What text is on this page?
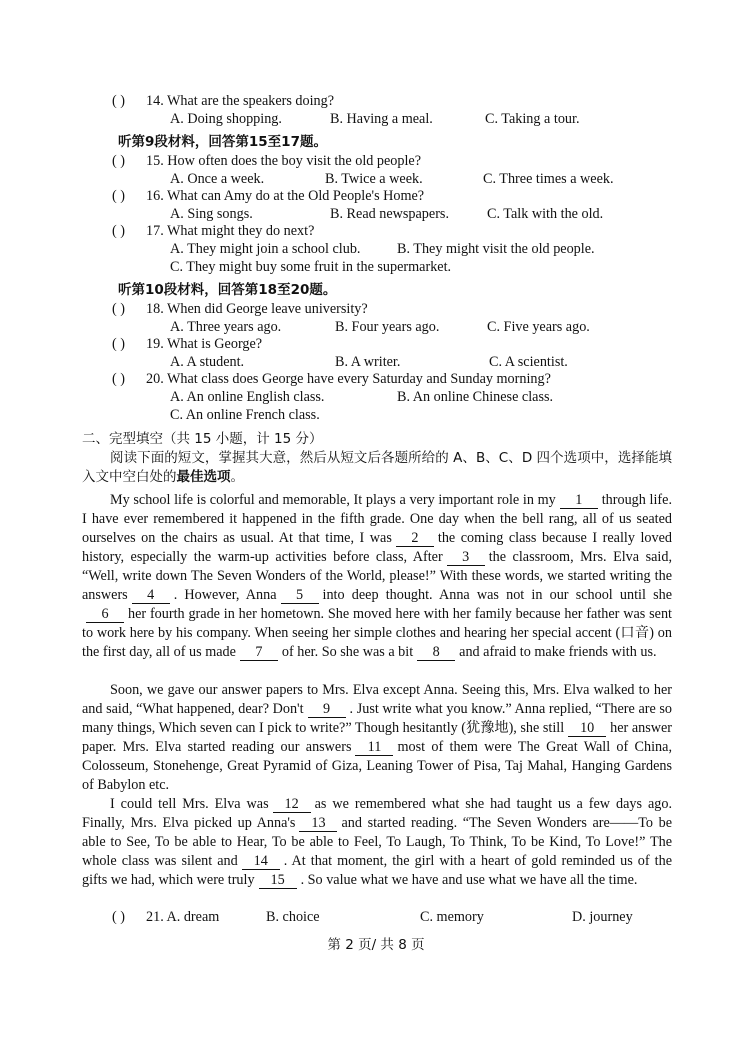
( ) 14. What are the speakers doing?
A. Doing shopping.	B. Having a meal.	C. Taking a tour.
听第9段材料，回答第15至17题。
( ) 15. How often does the boy visit the old people?
A. Once a week.	B. Twice a week.	C. Three times a week.
( ) 16. What can Amy do at the Old People's Home?
A. Sing songs.	B. Read newspapers.	C. Talk with the old.
( ) 17. What might they do next?
A. They might join a school club.	B. They might visit the old people.
C. They might buy some fruit in the supermarket.
听第10段材料，回答第18至20题。
( ) 18. When did George leave university?
A. Three years ago.	B. Four years ago.	C. Five years ago.
( ) 19. What is George?
A. A student.	B. A writer.	C. A scientist.
( ) 20. What class does George have every Saturday and Sunday morning?
A. An online English class.	B. An online Chinese class.
C. An online French class.
二、完型填空（共 15 小题，计 15 分）

阅读下面的短文，掌握其大意，然后从短文后各题所给的 A、B、C、D 四个选项中，选择能填入文中空白处的最佳选项。

My school life is colorful and memorable, It plays a very important role in my 1 through life. I have ever remembered it happened in the fifth grade. One day when the bell rang, all of us seated ourselves on the chairs as usual. At that time, I was 2 the coming class because I really loved history, especially the warm-up activities before class, After 3 the classroom, Mrs. Elva said, “Well, write down The Seven Wonders of the World, please!” With these words, we started writing the answers 4 . However, Anna 5 into deep thought. Anna was not in our school until she6 her fourth grade in her hometown. She moved here with her family because her father was sent to work here by his company. When seeing her simple clothes and hearing her special accent (口音) on the first day, all of us made 7 of her. So she was a bit 8 and afraid to make friends with us.

Soon, we gave our answer papers to Mrs. Elva except Anna. Seeing this, Mrs. Elva walked to her and said, “What happened, dear? Don't 9 . Just write what you know.” Anna replied, “There are so many things, Which seven can I pick to write?” Though hesitantly (犹豫地), she still 10 her answer paper. Mrs. Elva started reading our answers 11 most of them were The Great Wall of China, Colosseum, Stonehenge, Great Pyramid of Giza, Leaning Tower of Pisa, Taj Mahal, Hanging Gardens of Babylon etc.

I could tell Mrs. Elva was 12 as we remembered what she had taught us a few days ago. Finally, Mrs. Elva picked up Anna's 13 and started reading. “The Seven Wonders are——To be able to See, To be able to Hear, To be able to Feel, To Laugh, To Think, To be Kind, To Love!” The whole class was silent and 14 . At that moment, the girl with a heart of gold reminded us of the gifts we had, which were truly 15 . So value what we have and use what we have all the time.

( ) 21. A. dream	B. choice	C. memory	D. journey
第 2 页/ 共 8 页
